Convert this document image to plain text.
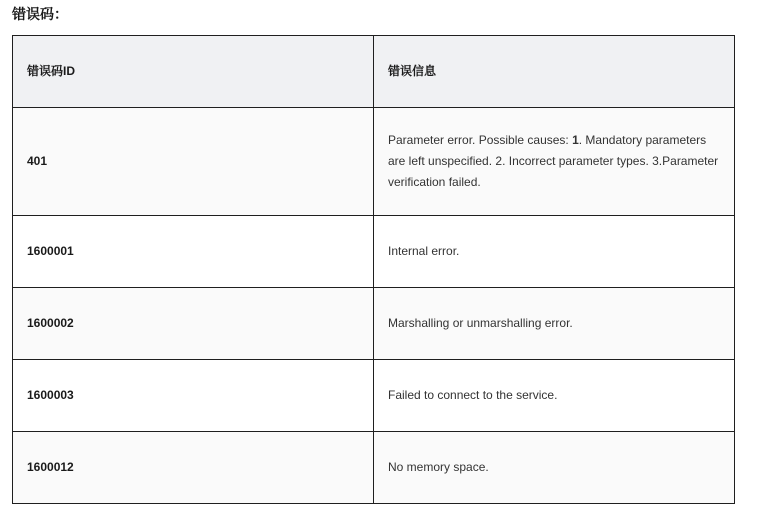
错误码：
错误码ID	错误信息
401	Parameter error. Possible causes: 1. Mandatory parameters are left unspecified. 2. Incorrect parameter types. 3.Parameter verification failed.
1600001	Internal error.
1600002	Marshalling or unmarshalling error.
1600003	Failed to connect to the service.
1600012	No memory space.
